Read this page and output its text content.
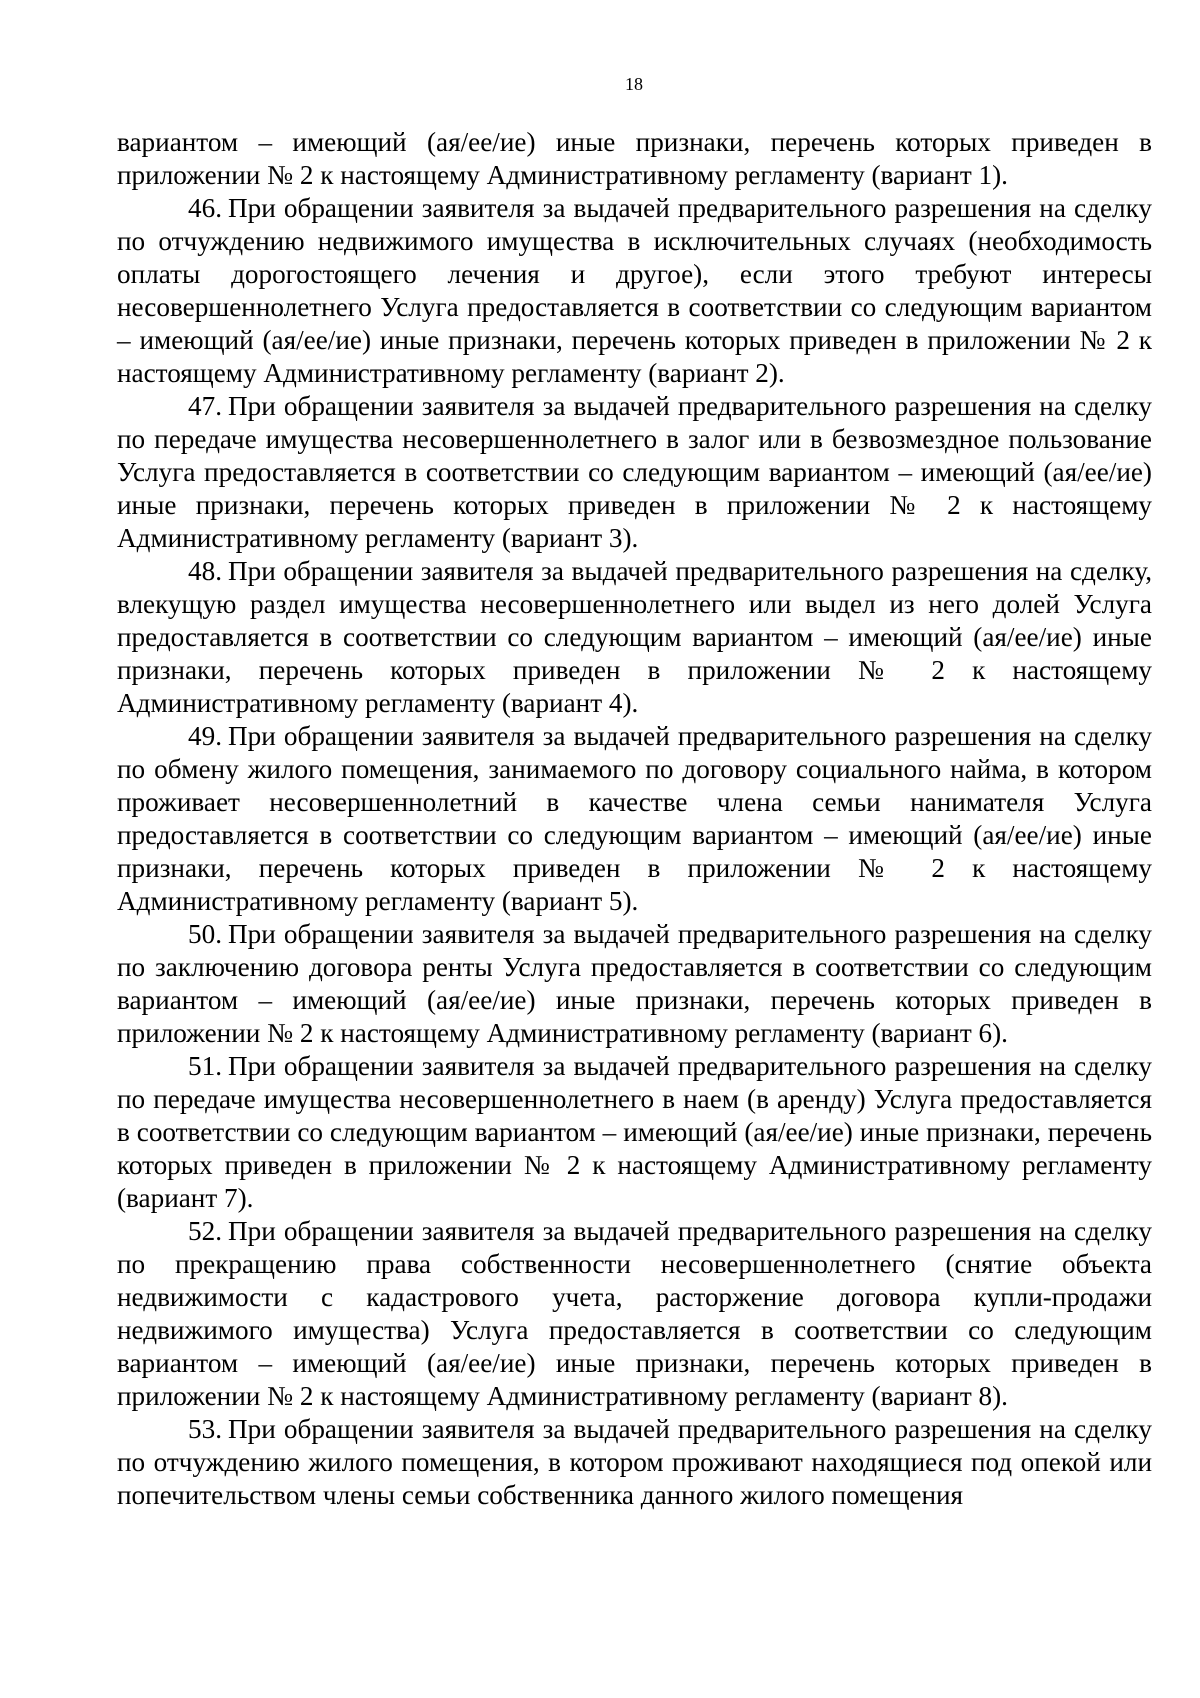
18

вариантом – имеющий (ая/ее/ие) иные признаки, перечень которых приведен в приложении № 2 к настоящему Административному регламенту (вариант 1).

46. При обращении заявителя за выдачей предварительного разрешения на сделку по отчуждению недвижимого имущества в исключительных случаях (необходимость оплаты дорогостоящего лечения и другое), если этого требуют интересы несовершеннолетнего Услуга предоставляется в соответствии со следующим вариантом – имеющий (ая/ее/ие) иные признаки, перечень которых приведен в приложении № 2 к настоящему Административному регламенту (вариант 2).

47. При обращении заявителя за выдачей предварительного разрешения на сделку по передаче имущества несовершеннолетнего в залог или в безвозмездное пользование Услуга предоставляется в соответствии со следующим вариантом – имеющий (ая/ее/ие) иные признаки, перечень которых приведен в приложении № 2 к настоящему Административному регламенту (вариант 3).

48. При обращении заявителя за выдачей предварительного разрешения на сделку, влекущую раздел имущества несовершеннолетнего или выдел из него долей Услуга предоставляется в соответствии со следующим вариантом – имеющий (ая/ее/ие) иные признаки, перечень которых приведен в приложении № 2 к настоящему Административному регламенту (вариант 4).

49. При обращении заявителя за выдачей предварительного разрешения на сделку по обмену жилого помещения, занимаемого по договору социального найма, в котором проживает несовершеннолетний в качестве члена семьи нанимателя Услуга предоставляется в соответствии со следующим вариантом – имеющий (ая/ее/ие) иные признаки, перечень которых приведен в приложении № 2 к настоящему Административному регламенту (вариант 5).

50. При обращении заявителя за выдачей предварительного разрешения на сделку по заключению договора ренты Услуга предоставляется в соответствии со следующим вариантом – имеющий (ая/ее/ие) иные признаки, перечень которых приведен в приложении № 2 к настоящему Административному регламенту (вариант 6).

51. При обращении заявителя за выдачей предварительного разрешения на сделку по передаче имущества несовершеннолетнего в наем (в аренду) Услуга предоставляется в соответствии со следующим вариантом – имеющий (ая/ее/ие) иные признаки, перечень которых приведен в приложении № 2 к настоящему Административному регламенту (вариант 7).

52. При обращении заявителя за выдачей предварительного разрешения на сделку по прекращению права собственности несовершеннолетнего (снятие объекта недвижимости с кадастрового учета, расторжение договора купли-продажи недвижимого имущества) Услуга предоставляется в соответствии со следующим вариантом – имеющий (ая/ее/ие) иные признаки, перечень которых приведен в приложении № 2 к настоящему Административному регламенту (вариант 8).

53. При обращении заявителя за выдачей предварительного разрешения на сделку по отчуждению жилого помещения, в котором проживают находящиеся под опекой или попечительством члены семьи собственника данного жилого помещения
